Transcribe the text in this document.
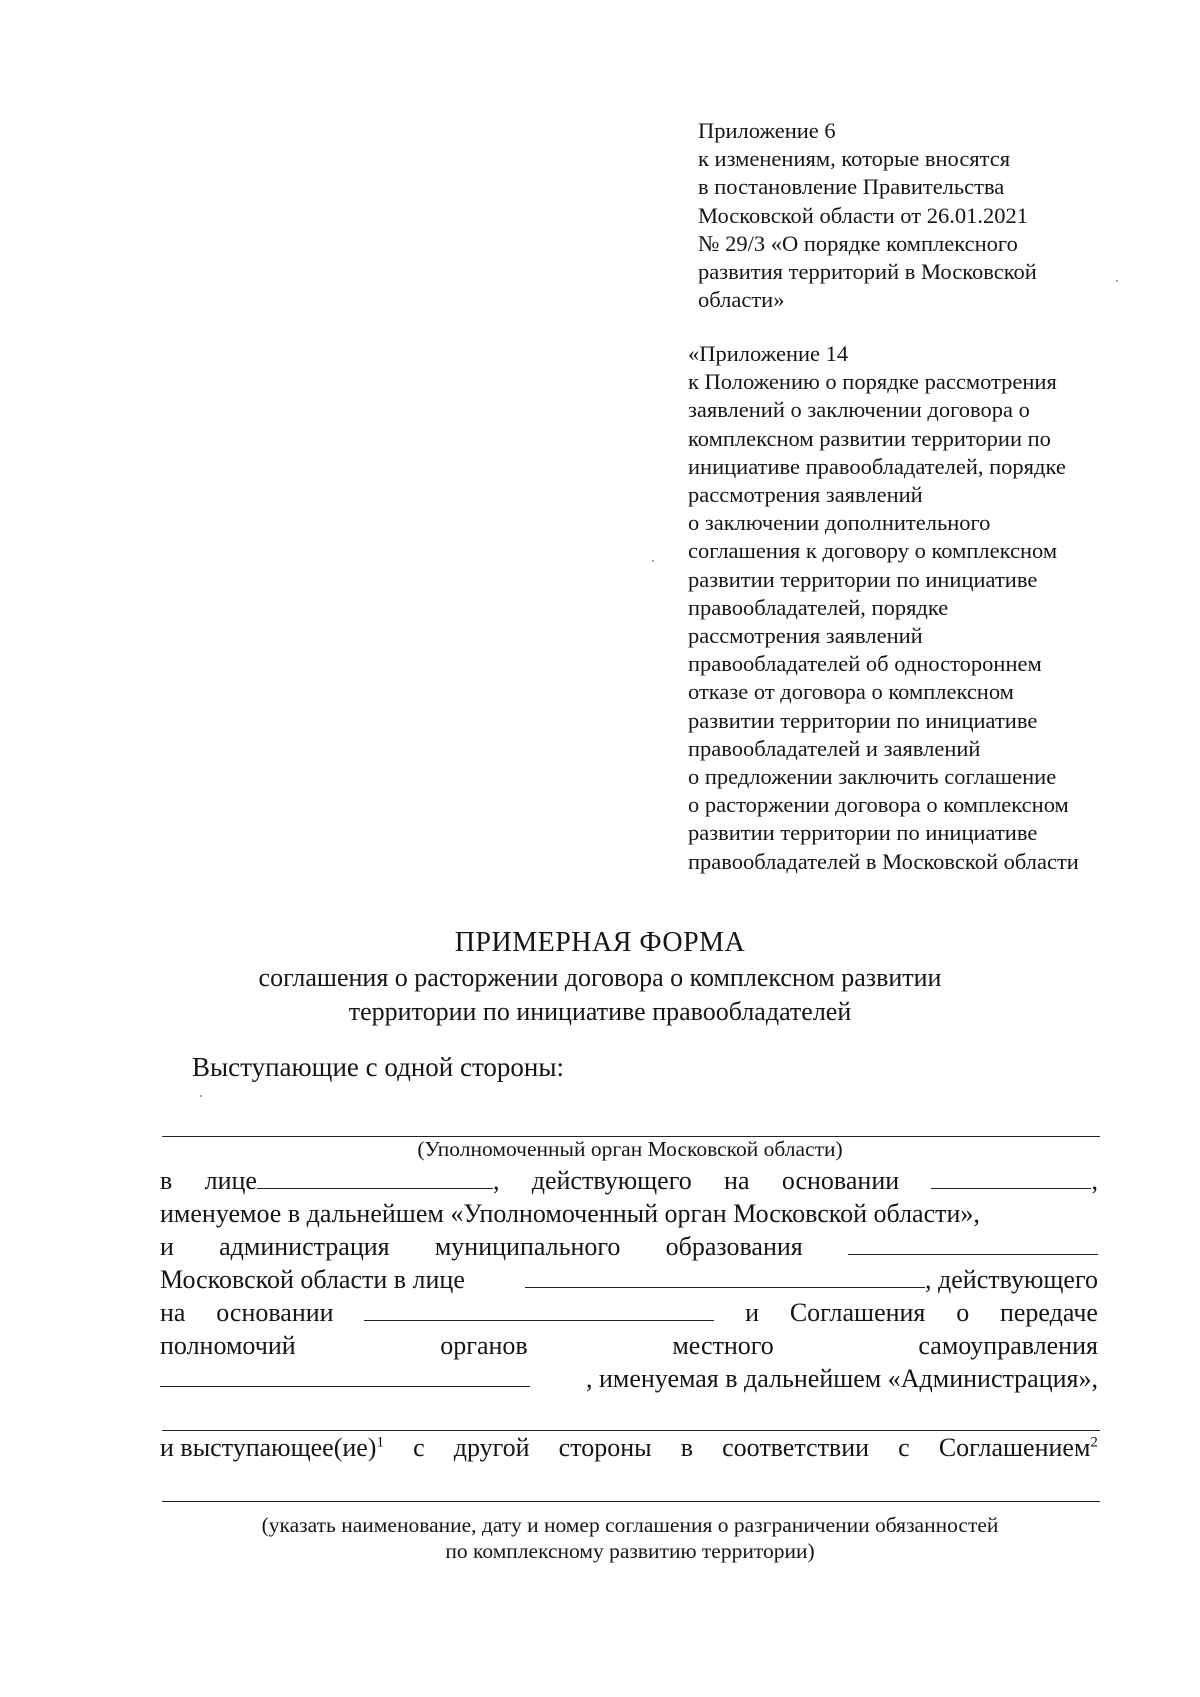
Приложение 6
к изменениям, которые вносятся
в постановление Правительства
Московской области от 26.01.2021
№ 29/3 «О порядке комплексного
развития территорий в Московской
области»
«Приложение 14
к Положению о порядке рассмотрения
заявлений о заключении договора о
комплексном развитии территории по
инициативе правообладателей, порядке
рассмотрения заявлений
о заключении дополнительного
соглашения к договору о комплексном
развитии территории по инициативе
правообладателей, порядке
рассмотрения заявлений
правообладателей об одностороннем
отказе от договора о комплексном
развитии территории по инициативе
правообладателей и заявлений
о предложении заключить соглашение
о расторжении договора о комплексном
развитии территории по инициативе
правообладателей в Московской области
ПРИМЕРНАЯ ФОРМА
соглашения о расторжении договора о комплексном развитии
территории по инициативе правообладателей
Выступающие с одной стороны:
(Уполномоченный орган Московской области)
в лице	, действующего на основании	,
именуемое в дальнейшем «Уполномоченный орган Московской области»,
и администрация муниципального образования
Московской области в лице	, действующего
на основании	и Соглашения о передаче
полномочий	органов	местного	самоуправления
, именуемая в дальнейшем «Администрация»,
и выступающее(ие)$^1$ с другой стороны в соответствии с Соглашением$^2$
(указать наименование, дату и номер соглашения о разграничении обязанностей
по комплексному развитию территории)
